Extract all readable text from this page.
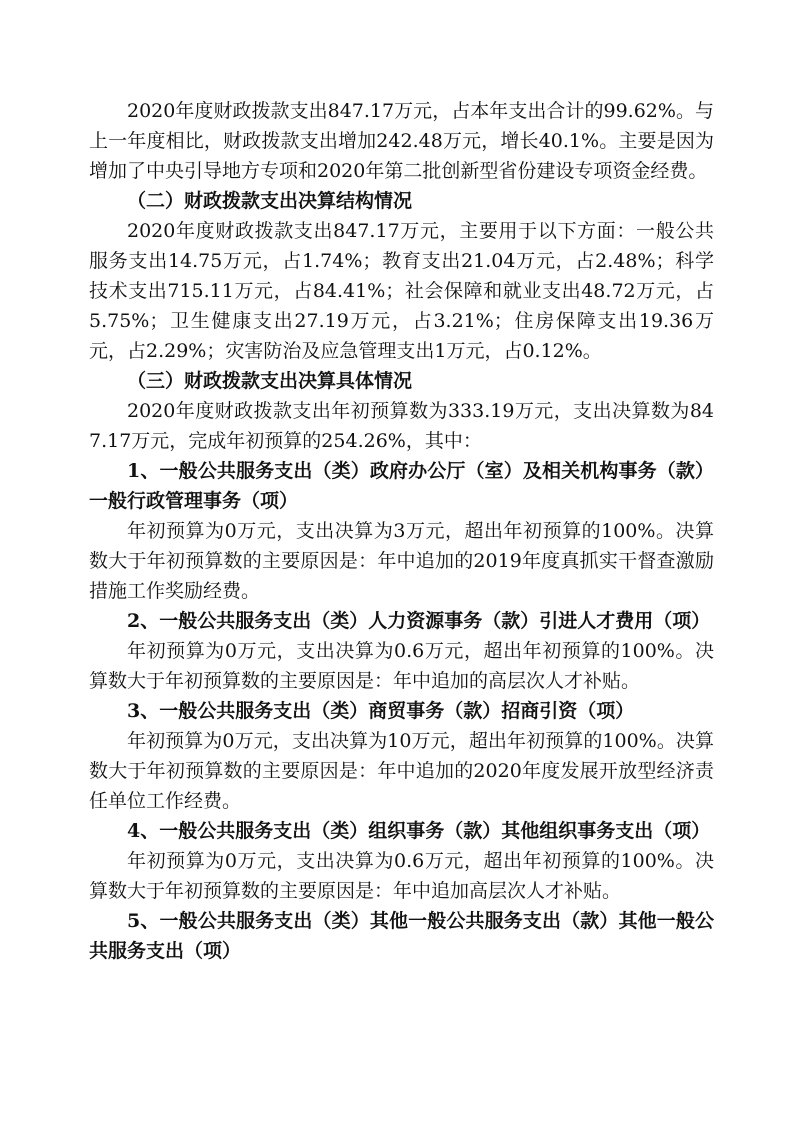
2020年度财政拨款支出847.17万元，占本年支出合计的99.62%。与上一年度相比，财政拨款支出增加242.48万元，增长40.1%。主要是因为增加了中央引导地方专项和2020年第二批创新型省份建设专项资金经费。

（二）财政拨款支出决算结构情况

2020年度财政拨款支出847.17万元，主要用于以下方面：一般公共服务支出14.75万元，占1.74%；教育支出21.04万元，占2.48%；科学技术支出715.11万元，占84.41%；社会保障和就业支出48.72万元，占5.75%；卫生健康支出27.19万元，占3.21%；住房保障支出19.36万元，占2.29%；灾害防治及应急管理支出1万元，占0.12%。

（三）财政拨款支出决算具体情况

2020年度财政拨款支出年初预算数为333.19万元，支出决算数为847.17万元，完成年初预算的254.26%，其中：

1、一般公共服务支出（类）政府办公厅（室）及相关机构事务（款）一般行政管理事务（项）

年初预算为0万元，支出决算为3万元，超出年初预算的100%。决算数大于年初预算数的主要原因是：年中追加的2019年度真抓实干督查激励措施工作奖励经费。

2、一般公共服务支出（类）人力资源事务（款）引进人才费用（项）

年初预算为0万元，支出决算为0.6万元，超出年初预算的100%。决算数大于年初预算数的主要原因是：年中追加的高层次人才补贴。

3、一般公共服务支出（类）商贸事务（款）招商引资（项）

年初预算为0万元，支出决算为10万元，超出年初预算的100%。决算数大于年初预算数的主要原因是：年中追加的2020年度发展开放型经济责任单位工作经费。

4、一般公共服务支出（类）组织事务（款）其他组织事务支出（项）

年初预算为0万元，支出决算为0.6万元，超出年初预算的100%。决算数大于年初预算数的主要原因是：年中追加高层次人才补贴。

5、一般公共服务支出（类）其他一般公共服务支出（款）其他一般公共服务支出（项）
